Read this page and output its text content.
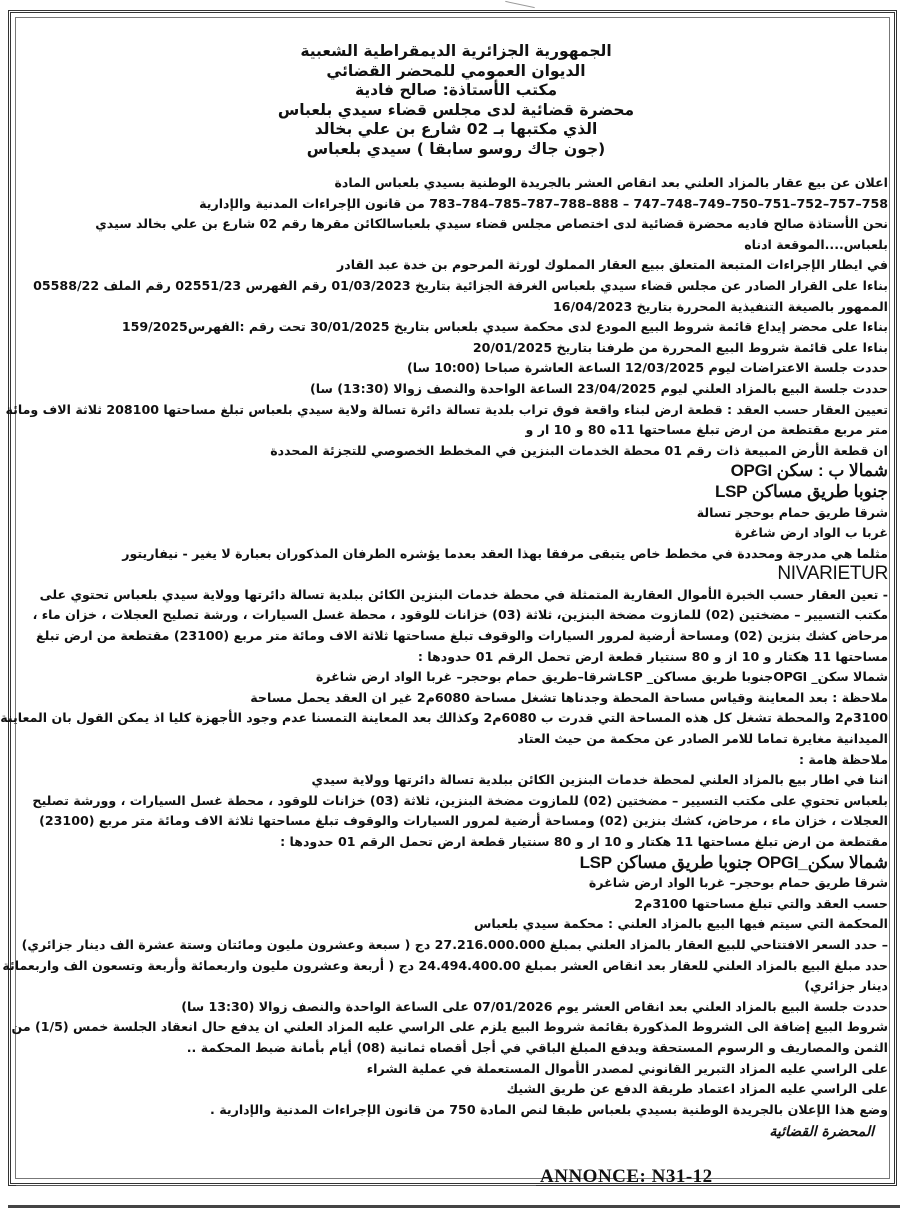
الجمهورية الجزائرية الديمقراطية الشعبية
الديوان العمومي للمحضر القضائي
مكتب الأستاذة: صالح فادية
محضرة قضائية لدى مجلس قضاء سيدي بلعباس
الذي مكتبها بـ 02 شارع بن علي بخالد
(جون جاك روسو سابقا ) سيدي بلعباس
اعلان عن بيع عقار بالمزاد العلني بعد انقاص العشر بالجريدة الوطنية بسيدي بلعباس المادة
758–757–752–751–750–749–748–747 – 888–788–787–785–784–783 من قانون الإجراءات المدنية والإدارية
نحن الأستاذة صالح فاديه محضرة قضائية لدى اختصاص مجلس قضاء سيدي بلعباسالكائن مقرها رقم 02 شارع بن علي بخالد سيدي
بلعباس....الموقعة ادناه
في ايطار الإجراءات المتبعة المتعلق ببيع العقار المملوك لورثة المرحوم بن خدة عبد القادر
بناءا على القرار الصادر عن مجلس قضاء سيدي بلعباس الغرفة الجزائية بتاريخ 01/03/2023 رقم الفهرس 02551/23 رقم الملف 05588/22
الممهور بالصيغة التنفيذية المحررة بتاريخ 16/04/2023
بناءا على محضر إيداع قائمة شروط البيع المودع لدى محكمة سيدي بلعباس بتاريخ 30/01/2025 تحت رقم :الفهرس159/2025
بناءا على قائمة شروط البيع المحررة من طرفنا بتاريخ 20/01/2025
حددت جلسة الاعتراضات ليوم 12/03/2025 الساعة العاشرة صباحا (10:00 سا)
حددت جلسة البيع بالمزاد العلني ليوم 23/04/2025 الساعة الواحدة والنصف زوالا (13:30) سا)
تعيين العقار حسب العقد : قطعة ارض لبناء واقعة فوق تراب بلدية تسالة دائرة تسالة ولاية سيدي بلعباس تبلغ مساحتها 208100 ثلاثة الاف ومائة
متر مربع مقتطعة من ارض تبلغ مساحتها 11ه 80 و 10 ار و
ان قطعة الأرض المبيعة ذات رقم 01 محطة الخدمات البنزين في المخطط الخصوصي للتجزئة المحددة
شمالا ب : سكن OPGI
جنوبا طريق مساكن LSP
شرقا طريق حمام بوحجر تسالة
غربا ب الواد ارض شاغرة
مثلما هي مدرجة ومحددة في مخطط خاص يتبقى مرفقا بهذا العقد بعدما يؤشره الطرفان المذكوران بعبارة لا يغير - نيفاريتور
NIVARIETUR
- تعين العقار حسب الخبرة الأموال العقارية المتمثلة في محطة خدمات البنزين الكائن ببلدية تسالة دائرتها وولاية سيدي بلعباس تحتوي على
مكتب التسيير – مضختين (02) للمازوت مضخة البنزين، ثلاثة (03) خزانات للوقود ، محطة غسل السيارات ، ورشة تصليح العجلات ، خزان ماء ،
مرحاض كشك بنزين (02) ومساحة أرضية لمرور السيارات والوقوف تبلغ مساحتها ثلاثة الاف ومائة متر مربع (23100) مقتطعة من ارض تبلغ
مساحتها 11 هكتار و 10 از و 80 سنتيار قطعة ارض تحمل الرقم 01 حدودها :
شمالا سكن_ OPGIجنوبا طريق مساكن_ LSPشرقا–طريق حمام بوحجر– غربا الواد ارض شاغرة
ملاحظة : بعد المعاينة وقياس مساحة المحطة وجدناها تشغل مساحة 6080م2 غير ان العقد يحمل مساحة
3100م2 والمحطة تشغل كل هذه المساحة التي قدرت ب 6080م2 وكذالك بعد المعاينة التمسنا عدم وجود الأجهزة كليا اذ يمكن القول بان المعاينة
الميدانية مغايرة تماما للامر الصادر عن محكمة من حيث العتاد
ملاحظة هامة :
اننا في اطار بيع بالمزاد العلني لمحطة خدمات البنزين الكائن ببلدية تسالة دائرتها وولاية سيدي
بلعباس تحتوي على مكتب التسيير – مضختين (02) للمازوت مضخة البنزين، ثلاثة (03) خزانات للوقود ، محطة غسل السيارات ، وورشة تصليح
العجلات ، خزان ماء ، مرحاض، كشك بنزين (02) ومساحة أرضية لمرور السيارات والوقوف تبلغ مساحتها ثلاثة الاف ومائة متر مربع (23100)
مقتطعة من ارض تبلغ مساحتها 11 هكتار و 10 ار و 80 سنتيار قطعة ارض تحمل الرقم 01 حدودها :
شمالا سكن_OPGI جنوبا طريق مساكن LSP
شرقا طريق حمام بوحجر– غربا الواد ارض شاغرة
حسب العقد والتي تبلغ مساحتها 3100م2
المحكمة التي سيتم فيها البيع بالمزاد العلني : محكمة سيدي بلعباس
– حدد السعر الافتتاحي للبيع العقار بالمزاد العلني بمبلغ 27.216.000.000 دج ( سبعة وعشرون مليون ومائتان وستة عشرة الف دينار جزائري)
حدد مبلغ البيع بالمزاد العلني للعقار بعد انقاص العشر بمبلغ 24.494.400.00 دج ( أربعة وعشرون مليون واربعمائة وأربعة وتسعون الف واربعمائة
دينار جزائري)
حددت جلسة البيع بالمزاد العلني بعد انقاص العشر يوم 07/01/2026 على الساعة الواحدة والنصف زوالا (13:30 سا)
شروط البيع إضافة الى الشروط المذكورة بقائمة شروط البيع يلزم على الراسي عليه المزاد العلني ان يدفع حال انعقاد الجلسة خمس (1/5) من
الثمن والمصاريف و الرسوم المستحقة ويدفع المبلغ الباقي في أجل أقصاه ثمانية (08) أيام بأمانة ضبط المحكمة ..
على الراسي عليه المزاد التبرير القانوني لمصدر الأموال المستعملة في عملية الشراء
على الراسي عليه المزاد اعتماد طريقة الدفع عن طريق الشيك
وضع هذا الإعلان بالجريدة الوطنية بسيدي بلعباس طبقا لنص المادة 750 من قانون الإجراءات المدنية والإدارية .
المحضرة القضائية
ANNONCE: N31-12
